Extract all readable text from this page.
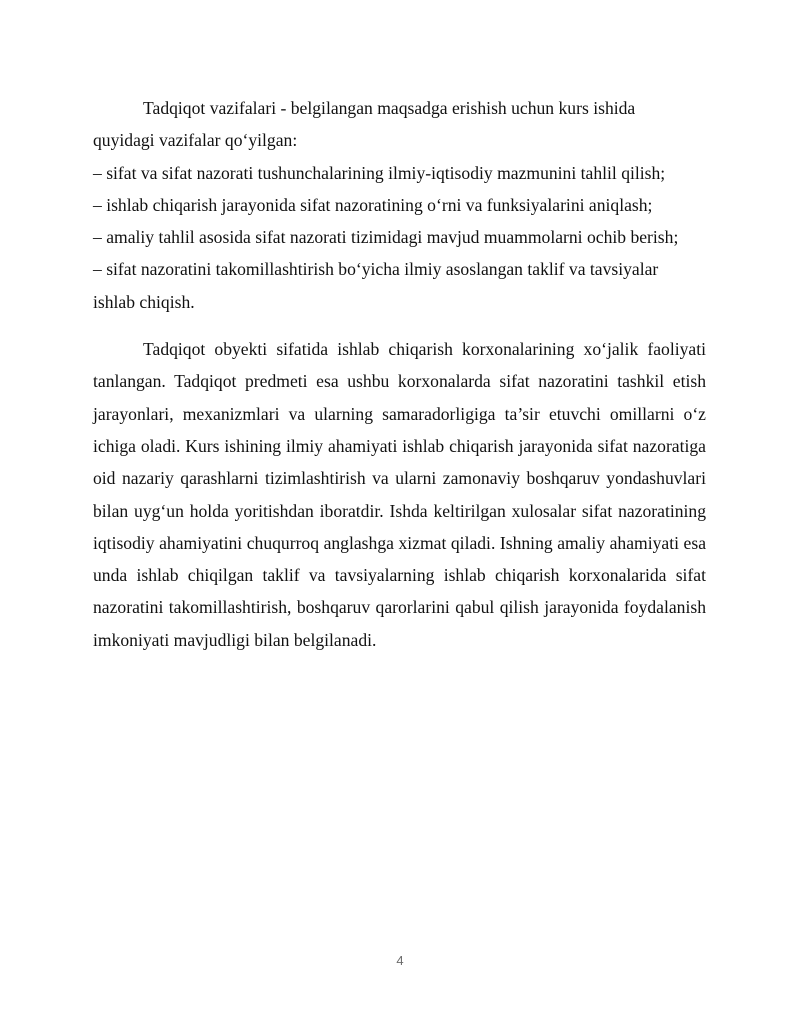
Tadqiqot vazifalari - belgilangan maqsadga erishish uchun kurs ishida
quyidagi vazifalar qo‘yilgan:
– sifat va sifat nazorati tushunchalarining ilmiy-iqtisodiy mazmunini tahlil qilish;
– ishlab chiqarish jarayonida sifat nazoratining o‘rni va funksiyalarini aniqlash;
– amaliy tahlil asosida sifat nazorati tizimidagi mavjud muammolarni ochib berish;
– sifat nazoratini takomillashtirish bo‘yicha ilmiy asoslangan taklif va tavsiyalar
ishlab chiqish.

Tadqiqot obyekti sifatida ishlab chiqarish korxonalarining xo‘jalik faoliyati tanlangan. Tadqiqot predmeti esa ushbu korxonalarda sifat nazoratini tashkil etish jarayonlari, mexanizmlari va ularning samaradorligiga ta’sir etuvchi omillarni o‘z ichiga oladi. Kurs ishining ilmiy ahamiyati ishlab chiqarish jarayonida sifat nazoratiga oid nazariy qarashlarni tizimlashtirish va ularni zamonaviy boshqaruv yondashuvlari bilan uyg‘un holda yoritishdan iboratdir. Ishda keltirilgan xulosalar sifat nazoratining iqtisodiy ahamiyatini chuqurroq anglashga xizmat qiladi. Ishning amaliy ahamiyati esa unda ishlab chiqilgan taklif va tavsiyalarning ishlab chiqarish korxonalarida sifat nazoratini takomillashtirish, boshqaruv qarorlarini qabul qilish jarayonida foydalanish imkoniyati mavjudligi bilan belgilanadi.

4
